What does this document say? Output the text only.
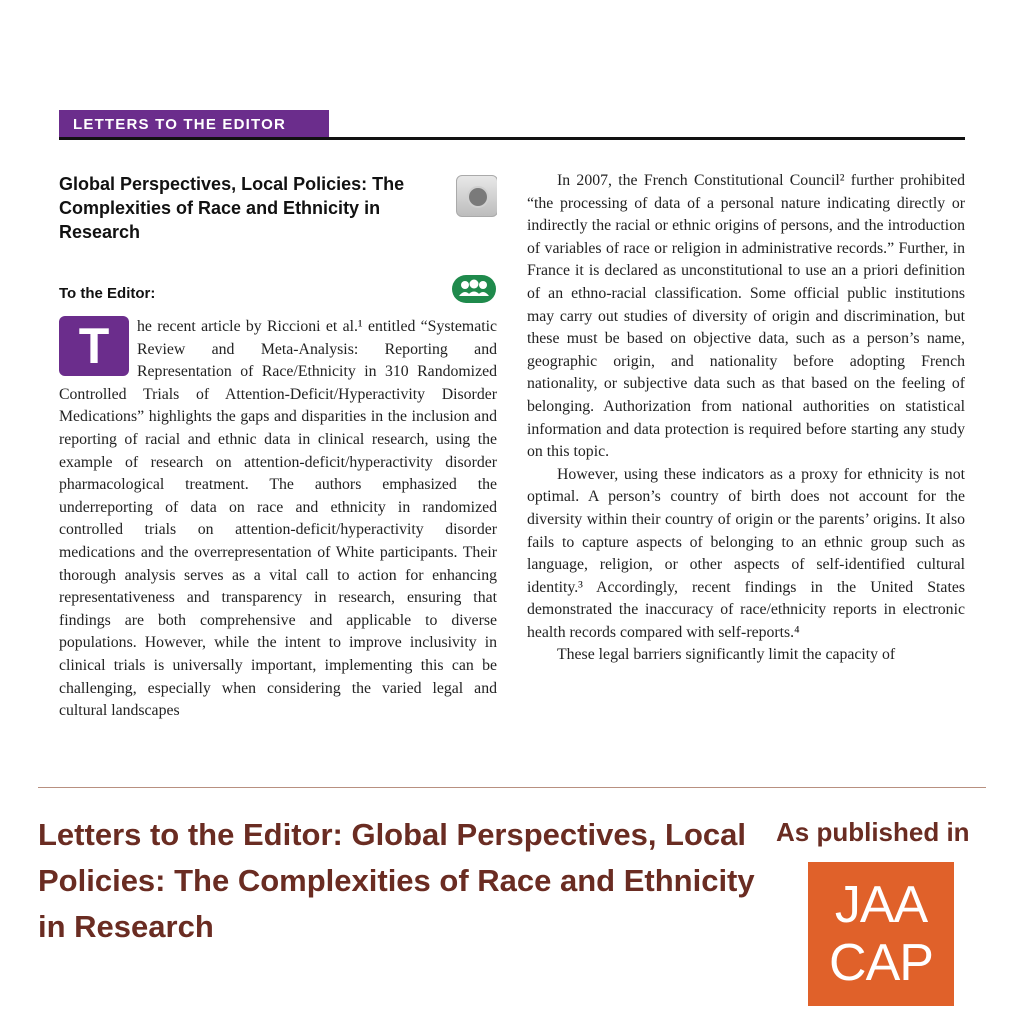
LETTERS TO THE EDITOR
Global Perspectives, Local Policies: The Complexities of Race and Ethnicity in Research
To the Editor:
T	he recent article by Riccioni et al.¹ entitled “Systematic Review and Meta-Analysis: Reporting and Representation of Race/Ethnicity in 310 Randomized Controlled Trials of Attention-Deficit/Hyperactivity Disorder Medications” highlights the gaps and disparities in the inclusion and reporting of racial and ethnic data in clinical research, using the example of research on attention-deficit/hyperactivity disorder pharmacological treatment. The authors emphasized the underreporting of data on race and ethnicity in randomized controlled trials on attention-deficit/hyperactivity disorder medications and the overrepresentation of White participants. Their thorough analysis serves as a vital call to action for enhancing representativeness and transparency in research, ensuring that findings are both comprehensive and applicable to diverse populations. However, while the intent to improve inclusivity in clinical trials is universally important, implementing this can be challenging, especially when considering the varied legal and cultural landscapes

In 2007, the French Constitutional Council² further prohibited “the processing of data of a personal nature indicating directly or indirectly the racial or ethnic origins of persons, and the introduction of variables of race or religion in administrative records.” Further, in France it is declared as unconstitutional to use an a priori definition of an ethno-racial classification. Some official public institutions may carry out studies of diversity of origin and discrimination, but these must be based on objective data, such as a person’s name, geographic origin, and nationality before adopting French nationality, or subjective data such as that based on the feeling of belonging. Authorization from national authorities on statistical information and data protection is required before starting any study on this topic.

However, using these indicators as a proxy for ethnicity is not optimal. A person’s country of birth does not account for the diversity within their country of origin or the parents’ origins. It also fails to capture aspects of belonging to an ethnic group such as language, religion, or other aspects of self-identified cultural identity.³ Accordingly, recent findings in the United States demonstrated the inaccuracy of race/ethnicity reports in electronic health records compared with self-reports.⁴

These legal barriers significantly limit the capacity of

Letters to the Editor: Global Perspectives, Local Policies: The Complexities of Race and Ethnicity in Research
As published in
JAA
CAP
